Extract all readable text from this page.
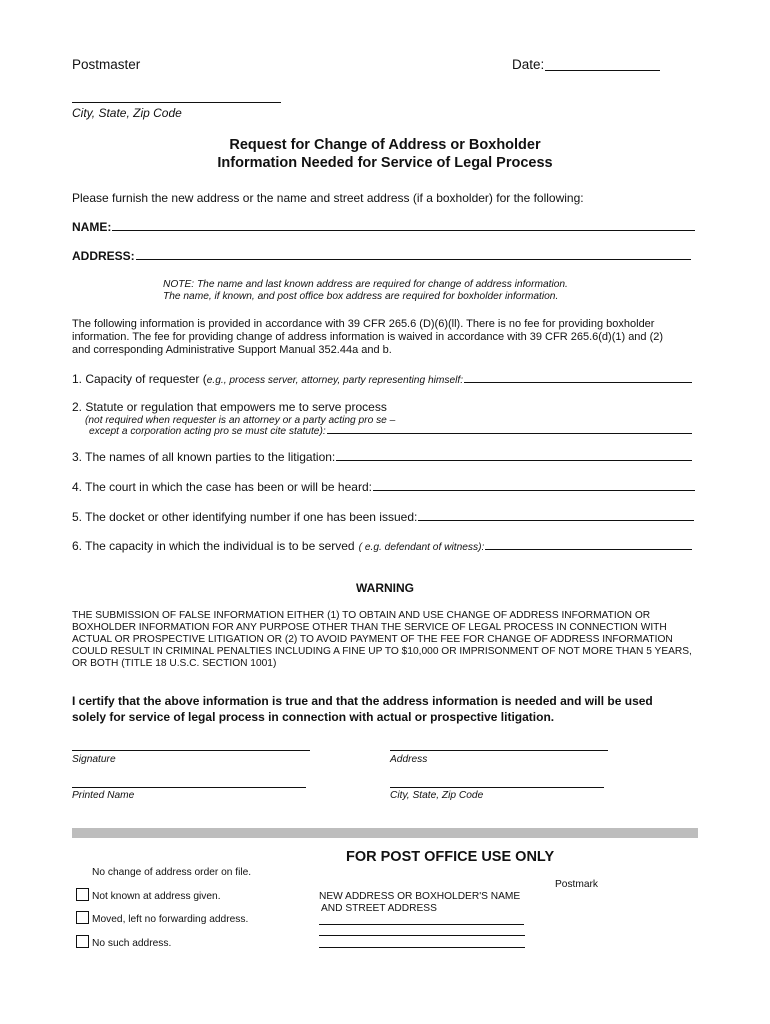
Postmaster	Date:
City, State, Zip Code
Request for Change of Address or Boxholder
Information Needed for Service of Legal Process
Please furnish the new address or the name and street address (if a boxholder) for the following:
NAME:
ADDRESS:
NOTE: The name and last known address are required for change of address information.
The name, if known, and post office box address are required for boxholder information.
The following information is provided in accordance with 39 CFR 265.6 (D)(6)(ll). There is no fee for providing boxholder
information. The fee for providing change of address information is waived in accordance with 39 CFR 265.6(d)(1) and (2)
and corresponding Administrative Support Manual 352.44a and b.
1. Capacity of requester ( e.g., process server, attorney, party representing himself:
2. Statute or regulation that empowers me to serve process
(not required when requester is an attorney or a party acting pro se –
except a corporation acting pro se must cite statute):
3. The names of all known parties to the litigation:
4. The court in which the case has been or will be heard:
5. The docket or other identifying number if one has been issued:
6. The capacity in which the individual is to be served ( e.g. defendant of witness):
WARNING
THE SUBMISSION OF FALSE INFORMATION EITHER (1) TO OBTAIN AND USE CHANGE OF ADDRESS INFORMATION OR
BOXHOLDER INFORMATION FOR ANY PURPOSE OTHER THAN THE SERVICE OF LEGAL PROCESS IN CONNECTION WITH
ACTUAL OR PROSPECTIVE LITIGATION OR (2) TO AVOID PAYMENT OF THE FEE FOR CHANGE OF ADDRESS INFORMATION
COULD RESULT IN CRIMINAL PENALTIES INCLUDING A FINE UP TO $10,000 OR IMPRISONMENT OF NOT MORE THAN 5 YEARS,
OR BOTH (TITLE 18 U.S.C. SECTION 1001)
I certify that the above information is true and that the address information is needed and will be used
solely for service of legal process in connection with actual or prospective litigation.
Signature	Address
Printed Name	City, State, Zip Code
FOR POST OFFICE USE ONLY
No change of address order on file.
Postmark
Not known at address given.
Moved, left no forwarding address.
No such address.
NEW ADDRESS OR BOXHOLDER'S NAME
AND STREET ADDRESS
